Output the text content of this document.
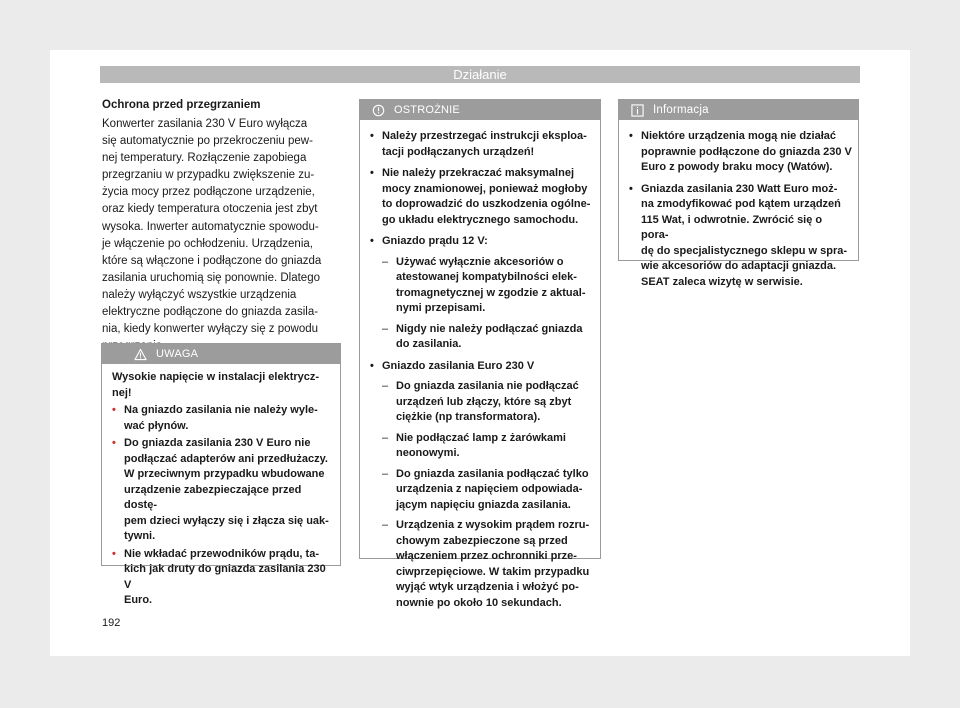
Działanie
Ochrona przed przegrzaniem
Konwerter zasilania 230 V Euro wyłącza
się automatycznie po przekroczeniu pew-
nej temperatury. Rozłączenie zapobiega
przegrzaniu w przypadku zwiększenie zu-
życia mocy przez podłączone urządzenie,
oraz kiedy temperatura otoczenia jest zbyt
wysoka. Inwerter automatycznie spowodu-
je włączenie po ochłodzeniu. Urządzenia,
które są włączone i podłączone do gniazda
zasilania uruchomią się ponownie. Dlatego
należy wyłączyć wszystkie urządzenia
elektryczne podłączone do gniazda zasila-
nia, kiedy konwerter wyłączy się z powodu
UWAGA

Wysokie napięcie w instalacji elektrycz-
nej!

• Na gniazdo zasilania nie należy wyle-
wać płynów.
• Do gniazda zasilania 230 V Euro nie
podłączać adapterów ani przedłużaczy.
W przeciwnym przypadku wbudowane
urządzenie zabezpieczające przed dostę-
pem dzieci wyłączy się i złącza się uak-
tywni.
• Nie wkładać przewodników prądu, ta-
kich jak druty do gniazda zasilania 230 V
Euro.
OSTROŻNIE
• Należy przestrzegać instrukcji eksploa-
tacji podłączanych urządzeń!
• Nie należy przekraczać maksymalnej
mocy znamionowej, ponieważ mogłoby
to doprowadzić do uszkodzenia ogólne-
go układu elektrycznego samochodu.
• Gniazdo prądu 12 V:
– Używać wyłącznie akcesoriów o
atestowanej kompatybilności elek-
tromagnetycznej w zgodzie z aktual-
nymi przepisami.
– Nigdy nie należy podłączać gniazda
do zasilania.
• Gniazdo zasilania Euro 230 V
– Do gniazda zasilania nie podłączać
urządzeń lub złączy, które są zbyt
ciężkie (np transformatora).
– Nie podłączać lamp z żarówkami
neonowymi.
– Do gniazda zasilania podłączać tylko
urządzenia z napięciem odpowiada-
jącym napięciu gniazda zasilania.
– Urządzenia z wysokim prądem rozru-
chowym zabezpieczone są przed
włączeniem przez ochronniki prze-
ciwprzepięciowe. W takim przypadku
wyjąć wtyk urządzenia i włożyć po-
nownie po około 10 sekundach.
Informacja
• Niektóre urządzenia mogą nie działać
poprawnie podłączone do gniazda 230 V
Euro z powody braku mocy (Watów).
• Gniazda zasilania 230 Watt Euro moż-
na zmodyfikować pod kątem urządzeń
115 Wat, i odwrotnie. Zwrócić się o pora-
dę do specjalistycznego sklepu w spra-
wie akcesoriów do adaptacji gniazda.
SEAT zaleca wizytę w serwisie.
192
